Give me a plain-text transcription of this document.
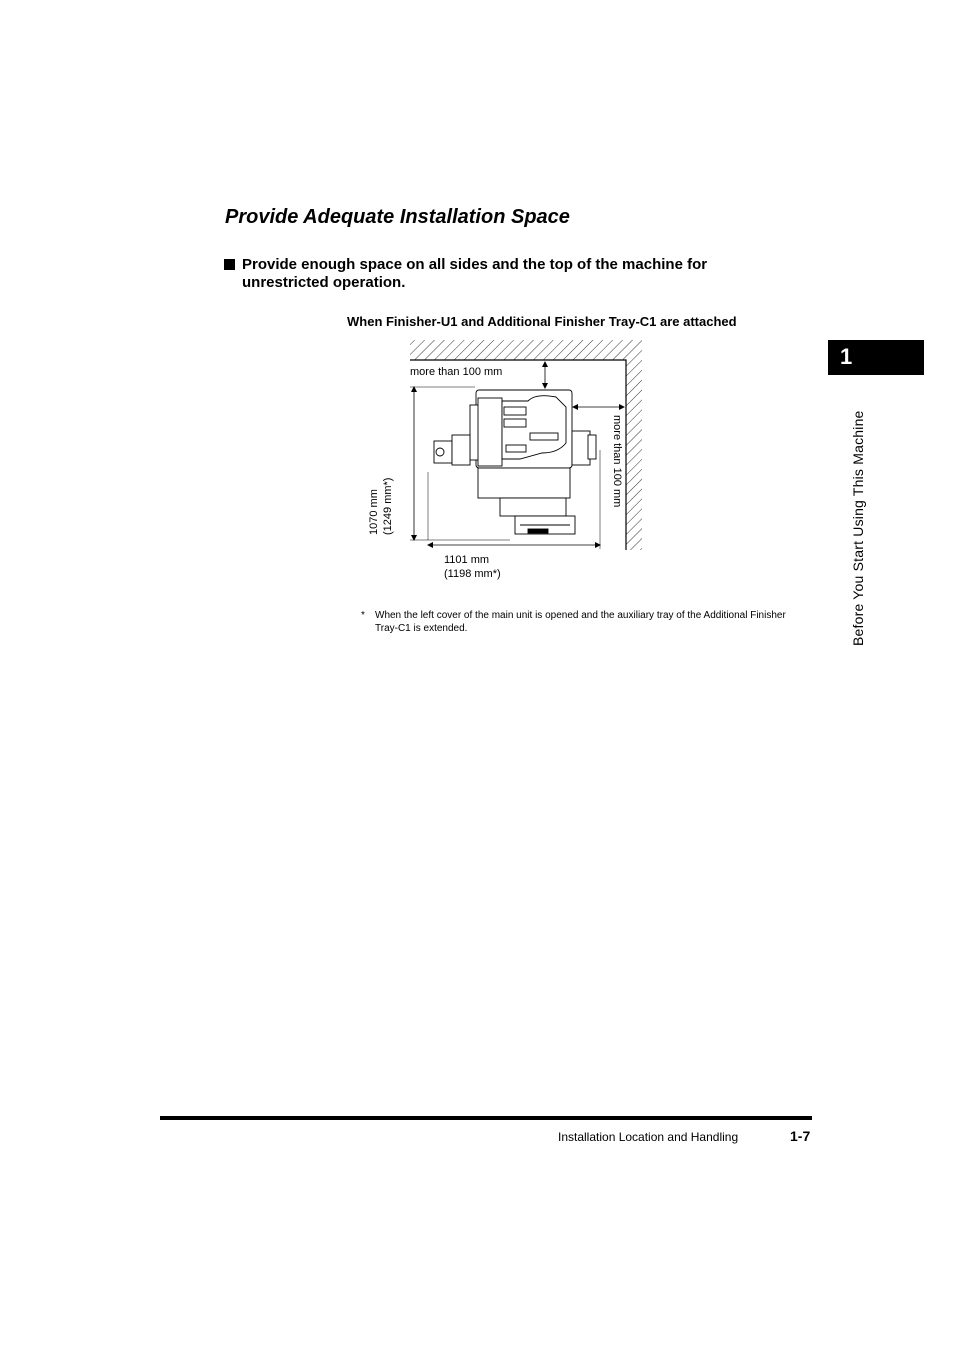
Provide Adequate Installation Space
Provide enough space on all sides and the top of the machine for unrestricted operation.

When Finisher-U1 and Additional Finisher Tray-C1 are attached

more than 100 mm
1101 mm
(1198 mm*)
1070 mm (1249 mm*)	more than 100 mm
* When the left cover of the main unit is opened and the auxiliary tray of the Additional Finisher Tray-C1 is extended.
1
Before You Start Using This Machine
Installation Location and Handling	1-7
